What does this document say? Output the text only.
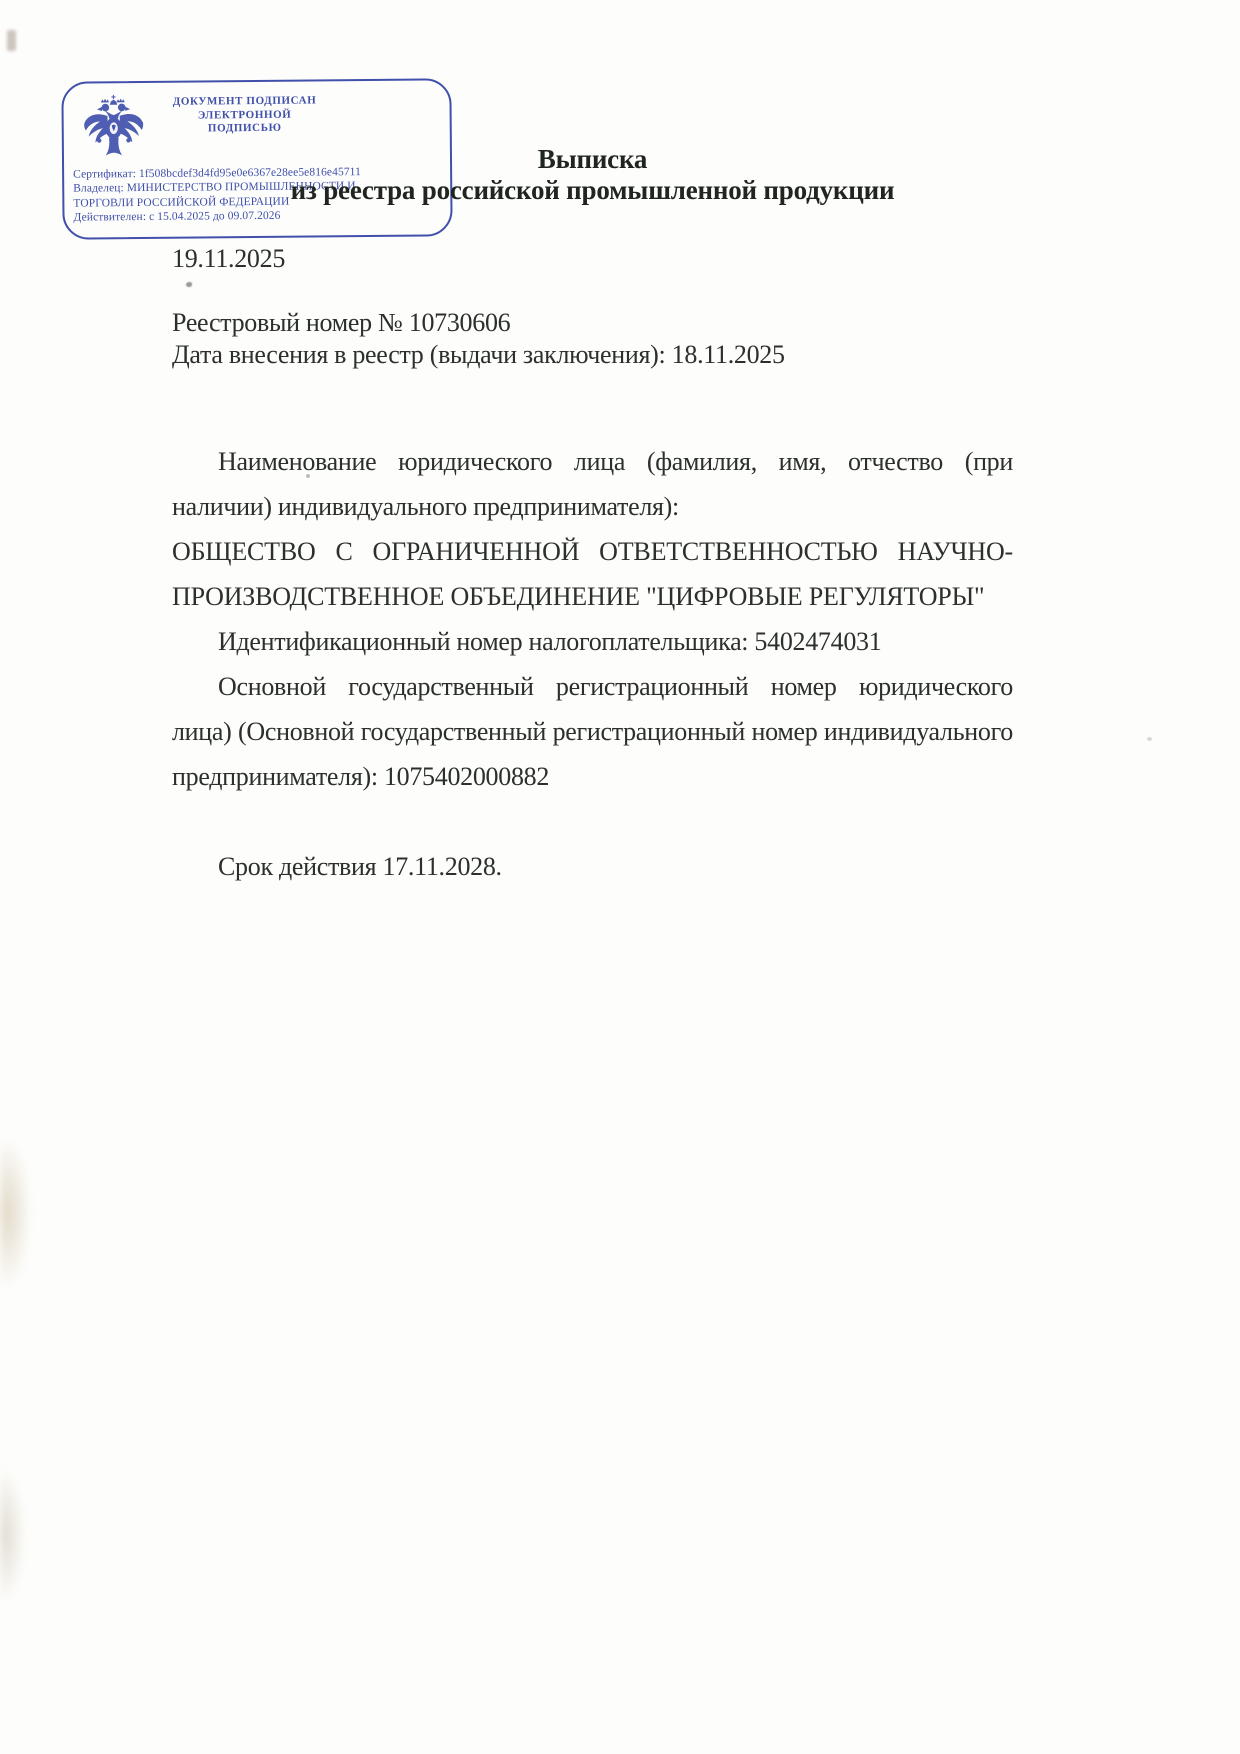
ДОКУМЕНТ ПОДПИСАН
ЭЛЕКТРОННОЙ ПОДПИСЬЮ
Сертификат: 1f508bcdef3d4fd95e0e6367e28ee5e816e45711
Владелец: МИНИСТЕРСТВО ПРОМЫШЛЕННОСТИ И
ТОРГОВЛИ РОССИЙСКОЙ ФЕДЕРАЦИИ
Действителен: с 15.04.2025 до 09.07.2026
Выписка
из реестра российской промышленной продукции
19.11.2025
Реестровый номер № 10730606
Дата внесения в реестр (выдачи заключения): 18.11.2025
Наименование юридического лица (фамилия, имя, отчество (при
наличии) индивидуального предпринимателя):
ОБЩЕСТВО С ОГРАНИЧЕННОЙ ОТВЕТСТВЕННОСТЬЮ НАУЧНО-
ПРОИЗВОДСТВЕННОЕ ОБЪЕДИНЕНИЕ "ЦИФРОВЫЕ РЕГУЛЯТОРЫ"
Идентификационный номер налогоплательщика: 5402474031
Основной государственный регистрационный номер юридического
лица) (Основной государственный регистрационный номер индивидуального
предпринимателя): 1075402000882
Срок действия 17.11.2028.
